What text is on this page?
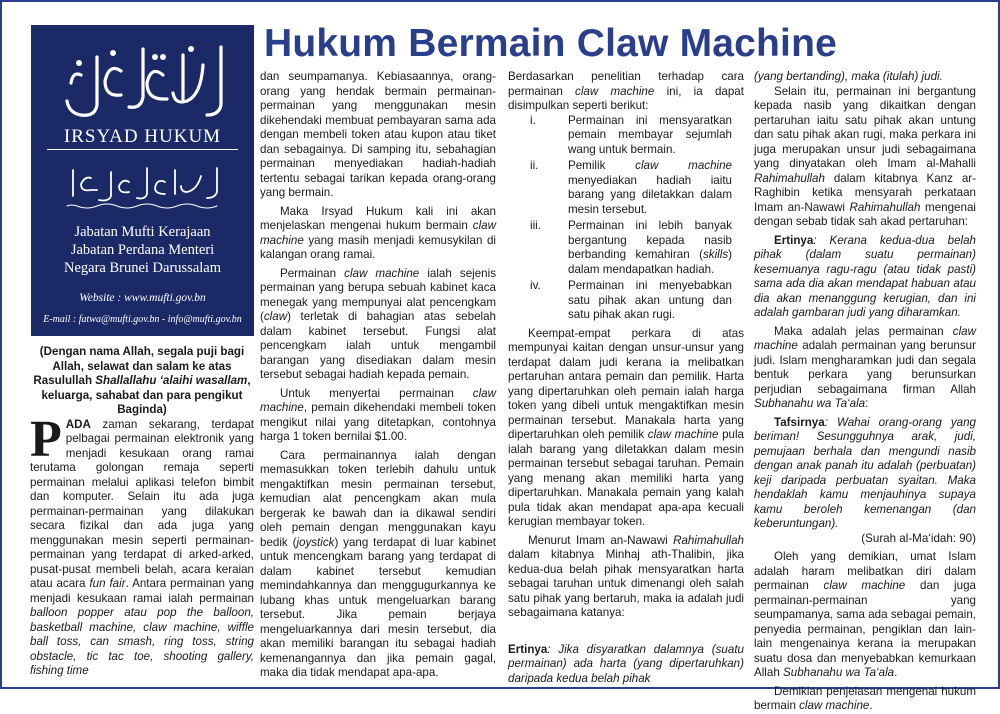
IRSYAD HUKUM
Jabatan Mufti Kerajaan
Jabatan Perdana Menteri
Negara Brunei Darussalam
Website : www.mufti.gov.bn
E-mail : fatwa@mufti.gov.bn - info@mufti.gov.bn
Hukum Bermain Claw Machine

(Dengan nama Allah, segala puji bagi Allah, selawat dan salam ke atas Rasulullah Shallallahu ‘alaihi wasallam, keluarga, sahabat dan para pengikut Baginda)

PADA zaman sekarang, terdapat pelbagai permainan elektronik yang menjadi kesukaan orang ramai terutama golongan remaja seperti permainan melalui aplikasi telefon bimbit dan komputer. Selain itu ada juga permainan-permainan yang dilakukan secara fizikal dan ada juga yang menggunakan mesin seperti permainan-permainan yang terdapat di arked-arked, pusat-pusat membeli belah, acara keraian atau acara fun fair. Antara permainan yang menjadi kesukaan ramai ialah permainan balloon popper atau pop the balloon, basketball machine, claw machine, wiffle ball toss, can smash, ring toss, string obstacle, tic tac toe, shooting gallery, fishing time

dan seumpamanya. Kebiasaannya, orang-orang yang hendak bermain permainan-permainan yang menggunakan mesin dikehendaki membuat pembayaran sama ada dengan membeli token atau kupon atau tiket dan sebagainya. Di samping itu, sebahagian permainan menyediakan hadiah-hadiah tertentu sebagai tarikan kepada orang-orang yang bermain.

Maka Irsyad Hukum kali ini akan menjelaskan mengenai hukum bermain claw machine yang masih menjadi kemusykilan di kalangan orang ramai.

Permainan claw machine ialah sejenis permainan yang berupa sebuah kabinet kaca menegak yang mempunyai alat pencengkam (claw) terletak di bahagian atas sebelah dalam kabinet tersebut. Fungsi alat pencengkam ialah untuk mengambil barangan yang disediakan dalam mesin tersebut sebagai hadiah kepada pemain.

Untuk menyertai permainan claw machine, pemain dikehendaki membeli token mengikut nilai yang ditetapkan, contohnya harga 1 token bernilai $1.00.

Cara permainannya ialah dengan memasukkan token terlebih dahulu untuk mengaktifkan mesin permainan tersebut, kemudian alat pencengkam akan mula bergerak ke bawah dan ia dikawal sendiri oleh pemain dengan menggunakan kayu bedik (joystick) yang terdapat di luar kabinet untuk mencengkam barang yang terdapat di dalam kabinet tersebut kemudian memindahkannya dan menggugurkannya ke lubang khas untuk mengeluarkan barang tersebut. Jika pemain berjaya mengeluarkannya dari mesin tersebut, dia akan memiliki barangan itu sebagai hadiah kemenangannya dan jika pemain gagal, maka dia tidak mendapat apa-apa.

Berdasarkan penelitian terhadap cara permainan claw machine ini, ia dapat disimpulkan seperti berikut:

i.	Permainan ini mensyaratkan pemain membayar sejumlah wang untuk bermain.
ii.	Pemilik claw machine menyediakan hadiah iaitu barang yang diletakkan dalam mesin tersebut.
iii. Permainan ini lebih banyak bergantung kepada nasib berbanding kemahiran (skills) dalam mendapatkan hadiah.
iv. Permainan ini menyebabkan satu pihak akan untung dan satu pihak akan rugi.

Keempat-empat perkara di atas mempunyai kaitan dengan unsur-unsur yang terdapat dalam judi kerana ia melibatkan pertaruhan antara pemain dan pemilik. Harta yang dipertaruhkan oleh pemain ialah harga token yang dibeli untuk mengaktifkan mesin permainan tersebut. Manakala harta yang dipertaruhkan oleh pemilik claw machine pula ialah barang yang diletakkan dalam mesin permainan tersebut sebagai taruhan. Pemain yang menang akan memiliki harta yang dipertaruhkan. Manakala pemain yang kalah pula tidak akan mendapat apa-apa kecuali kerugian membayar token.

Menurut Imam an-Nawawi Rahimahullah dalam kitabnya Minhaj ath-Thalibin, jika kedua-dua belah pihak mensyaratkan harta sebagai taruhan untuk dimenangi oleh salah satu pihak yang bertaruh, maka ia adalah judi sebagaimana katanya:

Ertinya: Jika disyaratkan dalamnya (suatu permainan) ada harta (yang dipertaruhkan) daripada kedua belah pihak

(yang bertanding), maka (itulah) judi.

Selain itu, permainan ini bergantung kepada nasib yang dikaitkan dengan pertaruhan iaitu satu pihak akan untung dan satu pihak akan rugi, maka perkara ini juga merupakan unsur judi sebagaimana yang dinyatakan oleh Imam al-Mahalli Rahimahullah dalam kitabnya Kanz ar-Raghibin ketika mensyarah perkataan Imam an-Nawawi Rahimahullah mengenai dengan sebab tidak sah akad pertaruhan:

Ertinya: Kerana kedua-dua belah pihak (dalam suatu permainan) kesemuanya ragu-ragu (atau tidak pasti) sama ada dia akan mendapat habuan atau dia akan menanggung kerugian, dan ini adalah gambaran judi yang diharamkan.

Maka adalah jelas permainan claw machine adalah permainan yang berunsur judi. Islam mengharamkan judi dan segala bentuk perkara yang berunsurkan perjudian sebagaimana firman Allah Subhanahu wa Ta‘ala:

Tafsirnya: Wahai orang-orang yang beriman! Sesungguhnya arak, judi, pemujaan berhala dan mengundi nasib dengan anak panah itu adalah (perbuatan) keji daripada perbuatan syaitan. Maka hendaklah kamu menjauhinya supaya kamu beroleh kemenangan (dan keberuntungan).

(Surah al-Ma‘idah: 90)

Oleh yang demikian, umat Islam adalah haram melibatkan diri dalam permainan claw machine dan juga permainan-permainan yang seumpamanya, sama ada sebagai pemain, penyedia permainan, pengiklan dan lain-lain mengenainya kerana ia merupakan suatu dosa dan menyebabkan kemurkaan Allah Subhanahu wa Ta‘ala.

Demikian penjelasan mengenai hukum bermain claw machine.
